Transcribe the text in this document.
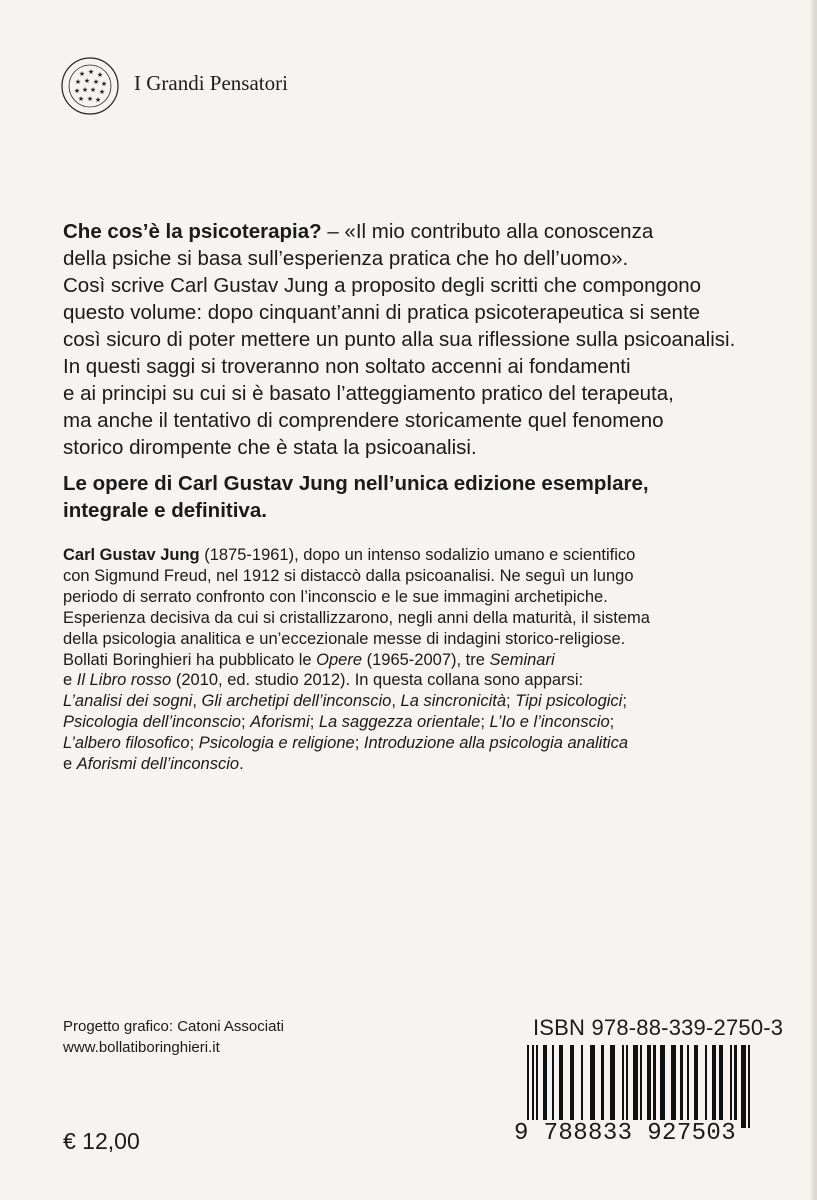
★ ★ ★
★ ★ ★ ★
★ ★ ★ ★
★ ★ ★
I Grandi Pensatori
Che cos’è la psicoterapia? – «Il mio contributo alla conoscenza
della psiche si basa sull’esperienza pratica che ho dell’uomo».
Così scrive Carl Gustav Jung a proposito degli scritti che compongono
questo volume: dopo cinquant’anni di pratica psicoterapeutica si sente
così sicuro di poter mettere un punto alla sua riflessione sulla psicoanalisi.
In questi saggi si troveranno non soltato accenni ai fondamenti
e ai principi su cui si è basato l’atteggiamento pratico del terapeuta,
ma anche il tentativo di comprendere storicamente quel fenomeno
storico dirompente che è stata la psicoanalisi.
Le opere di Carl Gustav Jung nell’unica edizione esemplare,
integrale e definitiva.
Carl Gustav Jung (1875-1961), dopo un intenso sodalizio umano e scientifico
con Sigmund Freud, nel 1912 si distaccò dalla psicoanalisi. Ne seguì un lungo
periodo di serrato confronto con l’inconscio e le sue immagini archetipiche.
Esperienza decisiva da cui si cristallizzarono, negli anni della maturità, il sistema
della psicologia analitica e un’eccezionale messe di indagini storico-religiose.
Bollati Boringhieri ha pubblicato le Opere (1965-2007), tre Seminari
e Il Libro rosso (2010, ed. studio 2012). In questa collana sono apparsi:
L’analisi dei sogni, Gli archetipi dell’inconscio, La sincronicità; Tipi psicologici;
Psicologia dell’inconscio; Aforismi; La saggezza orientale; L’Io e l’inconscio;
L’albero filosofico; Psicologia e religione; Introduzione alla psicologia analitica
e Aforismi dell’inconscio.
Progetto grafico: Catoni Associati
www.bollatiboringhieri.it
€ 12,00
ISBN 978-88-339-2750-3
9 788833 927503
